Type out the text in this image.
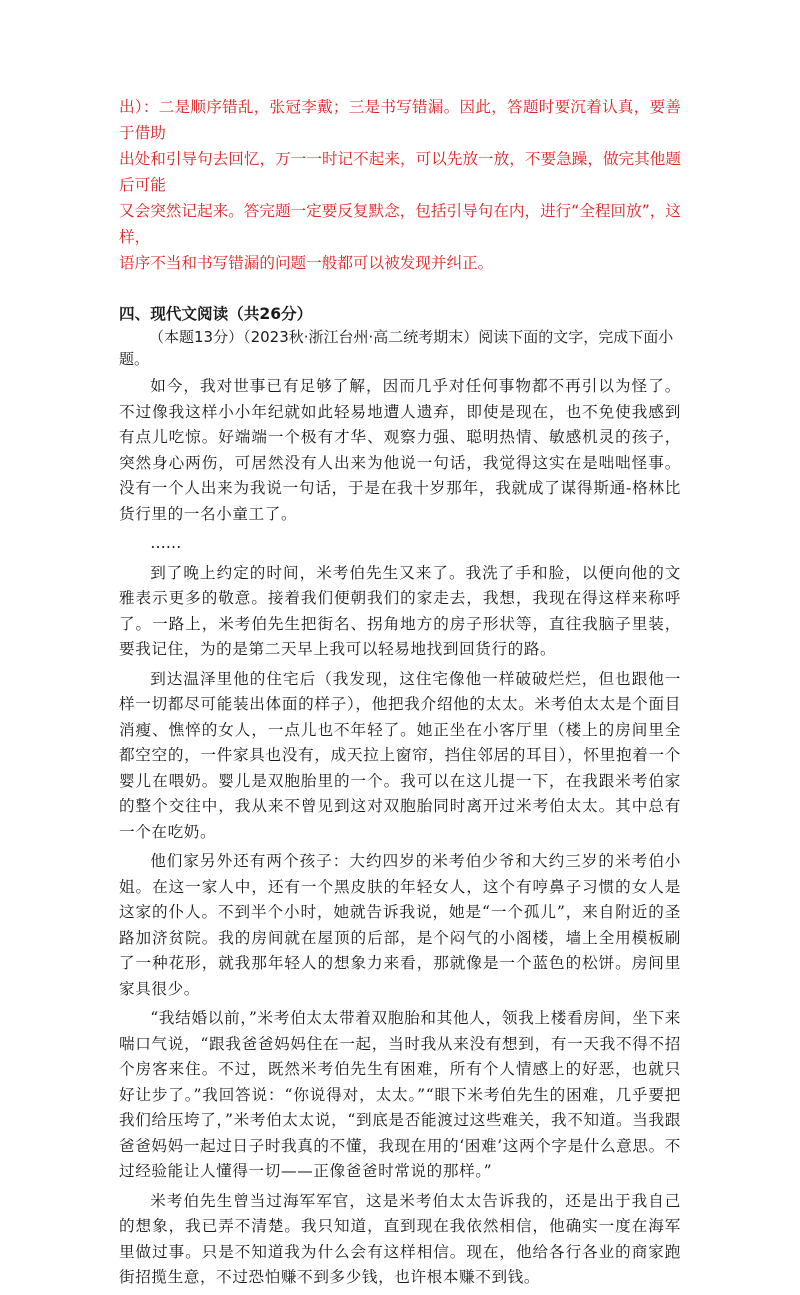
出）：二是顺序错乱，张冠李戴；三是书写错漏。因此，答题时要沉着认真，要善于借助

出处和引导句去回忆，万一一时记不起来，可以先放一放，不要急躁，做完其他题后可能

又会突然记起来。答完题一定要反复默念，包括引导句在内，进行“全程回放”，这样，

语序不当和书写错漏的问题一般都可以被发现并纠正。

四、现代文阅读（共26分）

（本题13分）（2023秋·浙江台州·高二统考期末）阅读下面的文字，完成下面小题。

如今，我对世事已有足够了解，因而几乎对任何事物都不再引以为怪了。不过像我这样小小年纪就如此轻易地遭人遗弃，即使是现在，也不免使我感到有点儿吃惊。好端端一个极有才华、观察力强、聪明热情、敏感机灵的孩子，突然身心两伤，可居然没有人出来为他说一句话，我觉得这实在是咄咄怪事。没有一个人出来为我说一句话，于是在我十岁那年，我就成了谋得斯通-格林比货行里的一名小童工了。

……

到了晚上约定的时间，米考伯先生又来了。我洗了手和脸，以便向他的文雅表示更多的敬意。接着我们便朝我们的家走去，我想，我现在得这样来称呼了。一路上，米考伯先生把街名、拐角地方的房子形状等，直往我脑子里装，要我记住，为的是第二天早上我可以轻易地找到回货行的路。

到达温泽里他的住宅后（我发现，这住宅像他一样破破烂烂，但也跟他一样一切都尽可能装出体面的样子），他把我介绍他的太太。米考伯太太是个面目消瘦、憔悴的女人，一点儿也不年轻了。她正坐在小客厅里（楼上的房间里全都空空的，一件家具也没有，成天拉上窗帘，挡住邻居的耳目），怀里抱着一个婴儿在喂奶。婴儿是双胞胎里的一个。我可以在这儿提一下，在我跟米考伯家的整个交往中，我从来不曾见到这对双胞胎同时离开过米考伯太太。其中总有一个在吃奶。

他们家另外还有两个孩子：大约四岁的米考伯少爷和大约三岁的米考伯小姐。在这一家人中，还有一个黑皮肤的年轻女人，这个有哼鼻子习惯的女人是这家的仆人。不到半个小时，她就告诉我说，她是“一个孤儿”，来自附近的圣路加济贫院。我的房间就在屋顶的后部，是个闷气的小阁楼，墙上全用模板刷了一种花形，就我那年轻人的想象力来看，那就像是一个蓝色的松饼。房间里家具很少。

“我结婚以前，”米考伯太太带着双胞胎和其他人，领我上楼看房间，坐下来喘口气说，“跟我爸爸妈妈住在一起，当时我从来没有想到，有一天我不得不招个房客来住。不过，既然米考伯先生有困难，所有个人情感上的好恶，也就只好让步了。”我回答说：“你说得对，太太。”“眼下米考伯先生的困难，几乎要把我们给压垮了，”米考伯太太说，“到底是否能渡过这些难关，我不知道。当我跟爸爸妈妈一起过日子时我真的不懂，我现在用的‘困难’这两个字是什么意思。不过经验能让人懂得一切——正像爸爸时常说的那样。”

米考伯先生曾当过海军军官，这是米考伯太太告诉我的，还是出于我自己的想象，我已弄不清楚。我只知道，直到现在我依然相信，他确实一度在海军里做过事。只是不知道我为什么会有这样相信。现在，他给各行各业的商家跑街招揽生意，不过恐怕赚不到多少钱，也许根本赚不到钱。
